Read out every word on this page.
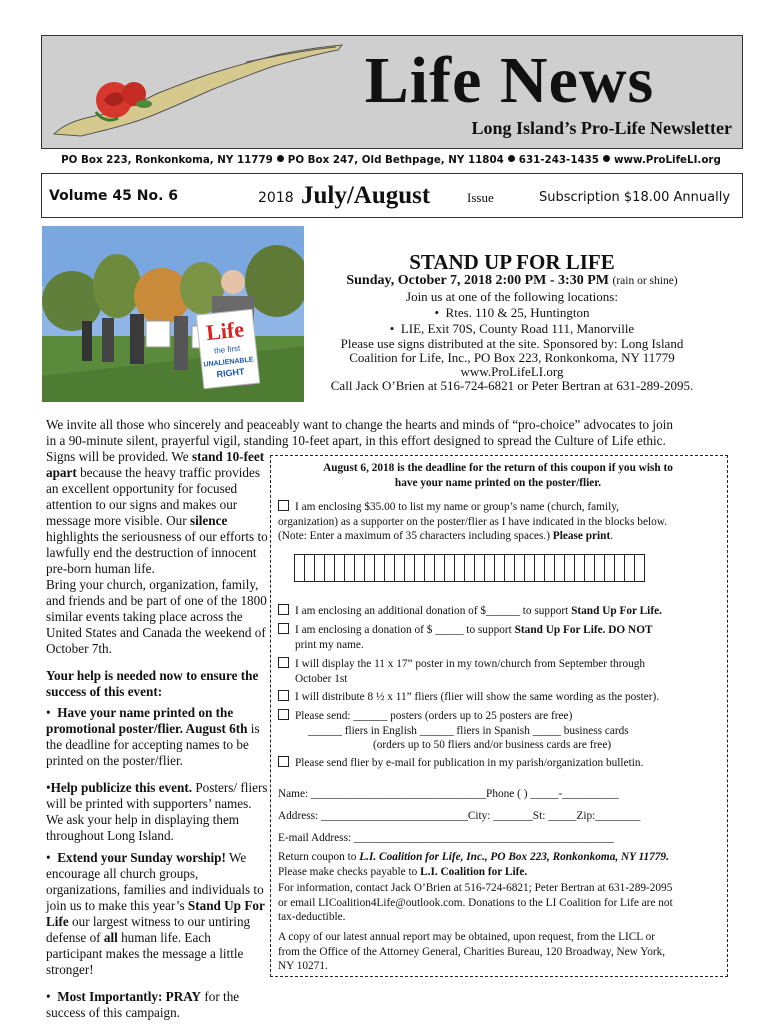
Life News
Long Island’s Pro-Life Newsletter
PO Box 223, Ronkonkoma, NY 11779 PO Box 247, Old Bethpage, NY 11804 631-243-1435 www.ProLifeLI.org
Volume 45 No. 6	2018 July/August	Issue	Subscription $18.00 Annually
Life
the first
UNALIENABLE
RIGHT
STAND UP FOR LIFE
Sunday, October 7, 2018 2:00 PM - 3:30 PM (rain or shine)
Join us at one of the following locations:
•  Rtes. 110 & 25, Huntington
•  LIE, Exit 70S, County Road 111, Manorville
Please use signs distributed at the site. Sponsored by: Long Island
Coalition for Life, Inc., PO Box 223, Ronkonkoma, NY 11779
www.ProLifeLI.org
Call Jack O’Brien at 516-724-6821 or Peter Bertran at 631-289-2095.
We invite all those who sincerely and peaceably want to change the hearts and minds of “pro-choice” advocates to join
in a 90-minute silent, prayerful vigil, standing 10-feet apart, in this effort designed to spread the Culture of Life ethic.

Signs will be provided. We stand 10-feet apart because the heavy traffic provides an excellent opportunity for focused attention to our signs and makes our message more visible. Our silence highlights the seriousness of our efforts to lawfully end the destruction of innocent pre-born human life.

Bring your church, organization, family, and friends and be part of one of the 1800 similar events taking place across the United States and Canada the weekend of October 7th.

Your help is needed now to ensure the success of this event:

•  Have your name printed on the promotional poster/flier. August 6th is the deadline for accepting names to be printed on the poster/flier.

•Help publicize this event. Posters/ fliers will be printed with supporters’ names. We ask your help in displaying them throughout Long Island.

•  Extend your Sunday worship! We encourage all church groups, organizations, families and individuals to join us to make this year’s Stand Up For Life our largest witness to our untiring defense of all human life. Each participant makes the message a little stronger!

•  Most Importantly: PRAY for the success of this campaign.

August 6, 2018 is the deadline for the return of this coupon if you wish to
have your name printed on the poster/flier.
I am enclosing $35.00 to list my name or group’s name (church, family,
organization) as a supporter on the poster/flier as I have indicated in the blocks below.
(Note: Enter a maximum of 35 characters including spaces.) Please print.
I am enclosing an additional donation of $______ to support Stand Up For Life.
I am enclosing a donation of $ _____ to support Stand Up For Life. DO NOT
print my name.
I will display the 11 x 17” poster in my town/church from September through
October 1st
I will distribute 8 ½ x 11” fliers (flier will show the same wording as the poster).
Please send: ______ posters (orders up to 25 posters are free)
______ fliers in English ______ fliers in Spanish _____ business cards
(orders up to 50 fliers and/or business cards are free)
Please send flier by e-mail for publication in my parish/organization bulletin.
Name: _______________________________Phone ( ) _____-__________
Address: __________________________City: _______St: _____Zip:________
E-mail Address: ______________________________________________
Return coupon to L.I. Coalition for Life, Inc., PO Box 223, Ronkonkoma, NY 11779.
Please make checks payable to L.I. Coalition for Life.
For information, contact Jack O’Brien at 516-724-6821; Peter Bertran at 631-289-2095
or email LICoalition4Life@outlook.com. Donations to the LI Coalition for Life are not
tax-deductible.
A copy of our latest annual report may be obtained, upon request, from the LICL or
from the Office of the Attorney General, Charities Bureau, 120 Broadway, New York,
NY 10271.
